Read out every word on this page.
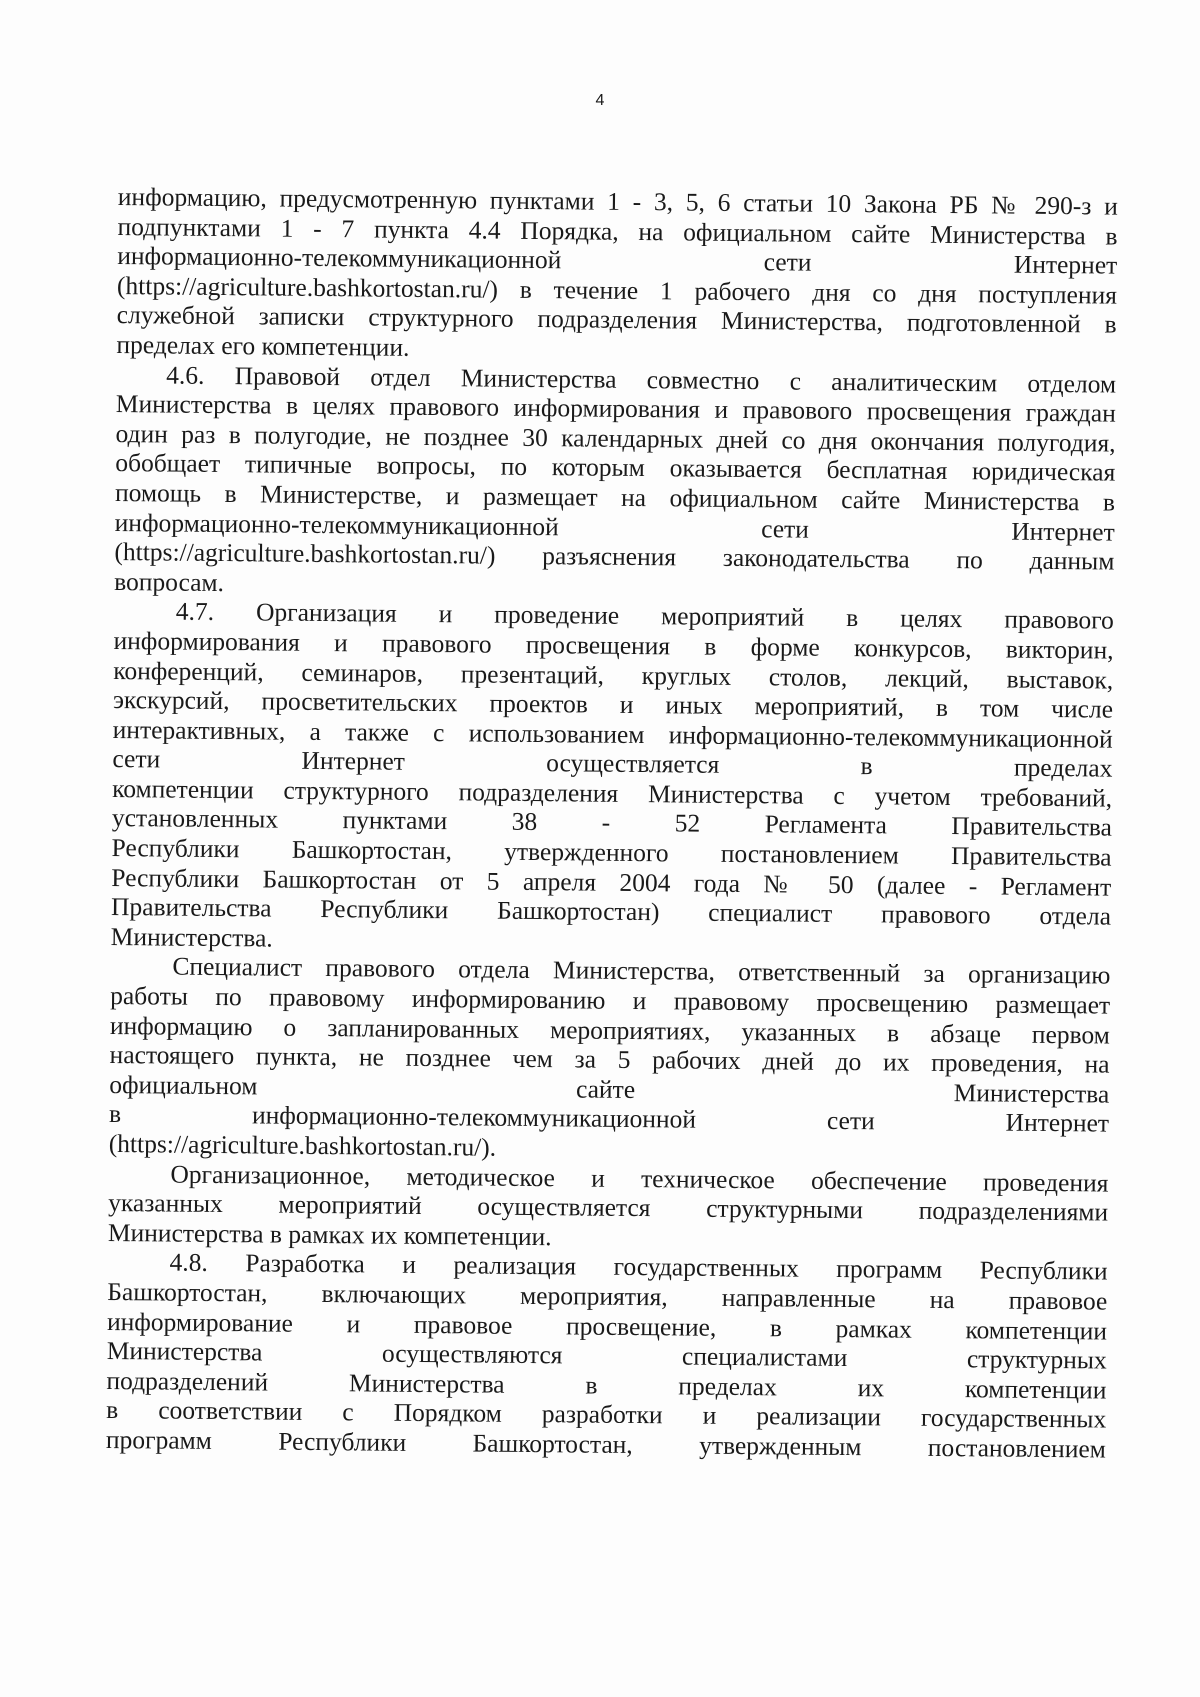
4
информацию, предусмотренную пунктами 1 - 3, 5, 6 статьи 10 Закона РБ № 290-з и
подпунктами 1 - 7 пункта 4.4 Порядка, на официальном сайте Министерства в
информационно-телекоммуникационной сети Интернет
(https://agriculture.bashkortostan.ru/) в течение 1 рабочего дня со дня поступления
служебной записки структурного подразделения Министерства, подготовленной в
пределах его компетенции.
4.6. Правовой отдел Министерства совместно с аналитическим отделом
Министерства в целях правового информирования и правового просвещения граждан
один раз в полугодие, не позднее 30 календарных дней со дня окончания полугодия,
обобщает типичные вопросы, по которым оказывается бесплатная юридическая
помощь в Министерстве, и размещает на официальном сайте Министерства в
информационно-телекоммуникационной сети Интернет
(https://agriculture.bashkortostan.ru/) разъяснения законодательства по данным
вопросам.
4.7. Организация и проведение мероприятий в целях правового
информирования и правового просвещения в форме конкурсов, викторин,
конференций, семинаров, презентаций, круглых столов, лекций, выставок,
экскурсий, просветительских проектов и иных мероприятий, в том числе
интерактивных, а также с использованием информационно-телекоммуникационной
сети Интернет осуществляется в пределах
компетенции структурного подразделения Министерства с учетом требований,
установленных пунктами 38 - 52 Регламента Правительства
Республики Башкортостан, утвержденного постановлением Правительства
Республики Башкортостан от 5 апреля 2004 года № 50 (далее - Регламент
Правительства Республики Башкортостан) специалист правового отдела
Министерства.
Специалист правового отдела Министерства, ответственный за организацию
работы по правовому информированию и правовому просвещению размещает
информацию о запланированных мероприятиях, указанных в абзаце первом
настоящего пункта, не позднее чем за 5 рабочих дней до их проведения, на
официальном сайте Министерства
в информационно-телекоммуникационной сети Интернет
(https://agriculture.bashkortostan.ru/).
Организационное, методическое и техническое обеспечение проведения
указанных мероприятий осуществляется структурными подразделениями
Министерства в рамках их компетенции.
4.8. Разработка и реализация государственных программ Республики
Башкортостан, включающих мероприятия, направленные на правовое
информирование и правовое просвещение, в рамках компетенции
Министерства осуществляются специалистами структурных
подразделений Министерства в пределах их компетенции
в соответствии с Порядком разработки и реализации государственных
программ Республики Башкортостан, утвержденным постановлением
